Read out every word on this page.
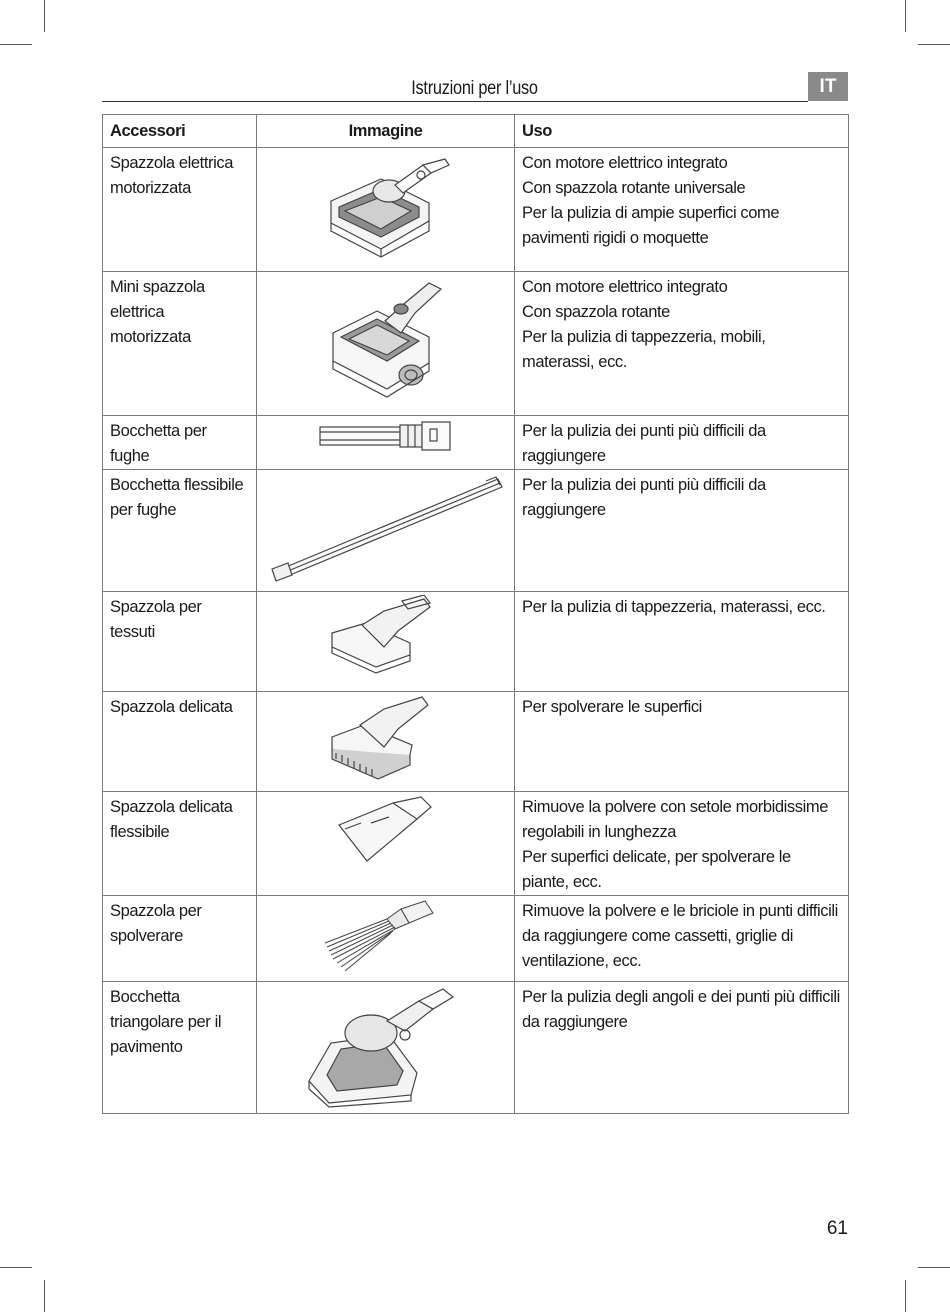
Istruzioni per l’uso	IT
Accessori	Immagine	Uso
Spazzola elettrica motorizzata		Con motore elettrico integrato
Con spazzola rotante universale
Per la pulizia di ampie superfici come pavimenti rigidi o moquette

Mini spazzola elettrica motorizzata		Con motore elettrico integrato
Con spazzola rotante
Per la pulizia di tappezzeria, mobili, materassi, ecc.

Bocchetta per fughe		Per la pulizia dei punti più difficili da raggiungere

Bocchetta flessibile per fughe		Per la pulizia dei punti più difficili da raggiungere

Spazzola per tessuti		Per la pulizia di tappezzeria, materassi, ecc.

Spazzola delicata		Per spolverare le superfici

Spazzola delicata flessibile		Rimuove la polvere con setole morbidissime regolabili in lunghezza
Per superfici delicate, per spolverare le piante, ecc.

Spazzola per spolverare		Rimuove la polvere e le briciole in punti difficili da raggiungere come cassetti, griglie di ventilazione, ecc.

Bocchetta triangolare per il pavimento		Per la pulizia degli angoli e dei punti più difficili da raggiungere
61
